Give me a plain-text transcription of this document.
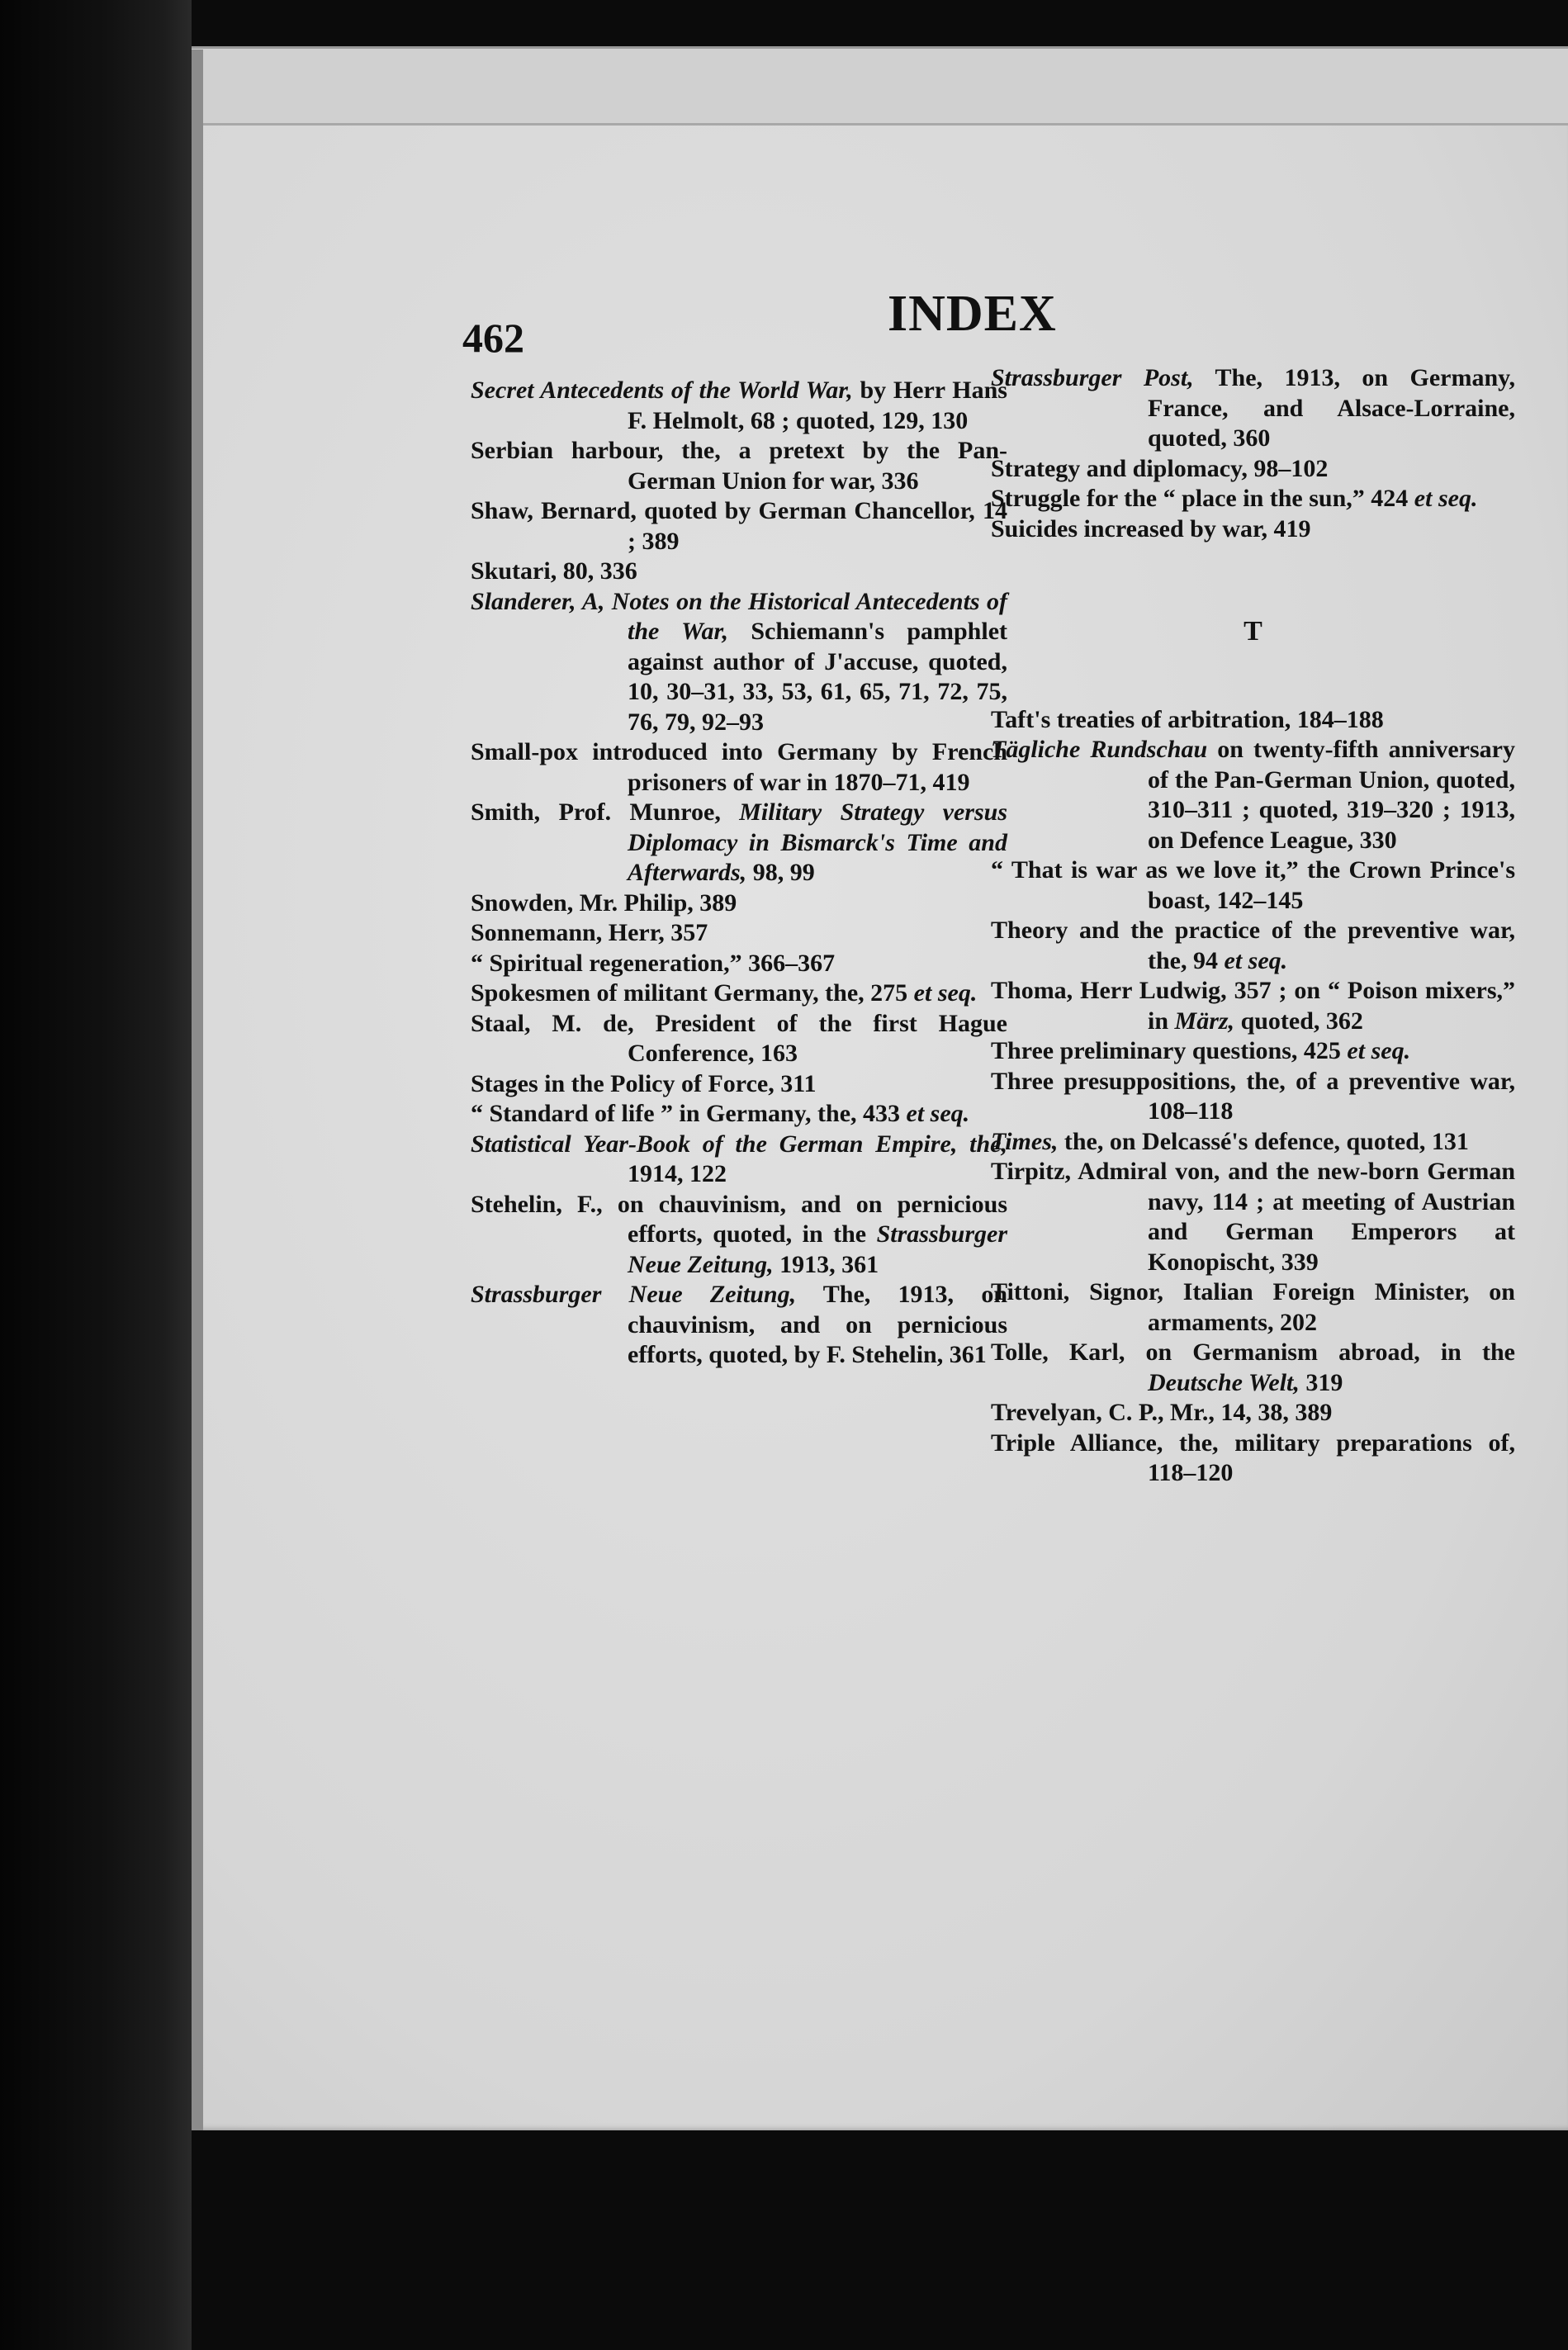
462	INDEX
Secret Antecedents of the World War, by Herr Hans F. Helmolt, 68 ; quoted, 129, 130
Serbian harbour, the, a pretext by the Pan-German Union for war, 336
Shaw, Bernard, quoted by German Chancellor, 14 ; 389
Skutari, 80, 336
Slanderer, A, Notes on the Historical Antecedents of the War, Schiemann's pamphlet against author of J'accuse, quoted, 10, 30–31, 33, 53, 61, 65, 71, 72, 75, 76, 79, 92–93
Small-pox introduced into Germany by French prisoners of war in 1870–71, 419
Smith, Prof. Munroe, Military Strategy versus Diplomacy in Bismarck's Time and Afterwards, 98, 99
Snowden, Mr. Philip, 389
Sonnemann, Herr, 357
“ Spiritual regeneration,” 366–367
Spokesmen of militant Germany, the, 275 et seq.
Staal, M. de, President of the first Hague Conference, 163
Stages in the Policy of Force, 311
“ Standard of life ” in Germany, the, 433 et seq.
Statistical Year-Book of the German Empire, the, 1914, 122
Stehelin, F., on chauvinism, and on pernicious efforts, quoted, in the Strassburger Neue Zeitung, 1913, 361
Strassburger Neue Zeitung, The, 1913, on chauvinism, and on pernicious efforts, quoted, by F. Stehelin, 361
Strassburger Post, The, 1913, on Germany, France, and Alsace-Lorraine, quoted, 360
Strategy and diplomacy, 98–102
Struggle for the “ place in the sun,” 424 et seq.
Suicides increased by war, 419
T
Taft's treaties of arbitration, 184–188
Tägliche Rundschau on twenty-fifth anniversary of the Pan-German Union, quoted, 310–311 ; quoted, 319–320 ; 1913, on Defence League, 330
“ That is war as we love it,” the Crown Prince's boast, 142–145
Theory and the practice of the preventive war, the, 94 et seq.
Thoma, Herr Ludwig, 357 ; on “ Poison mixers,” in März, quoted, 362
Three preliminary questions, 425 et seq.
Three presuppositions, the, of a preventive war, 108–118
Times, the, on Delcassé's defence, quoted, 131
Tirpitz, Admiral von, and the new-born German navy, 114 ; at meeting of Austrian and German Emperors at Konopischt, 339
Tittoni, Signor, Italian Foreign Minister, on armaments, 202
Tolle, Karl, on Germanism abroad, in the Deutsche Welt, 319
Trevelyan, C. P., Mr., 14, 38, 389
Triple Alliance, the, military preparations of, 118–120
